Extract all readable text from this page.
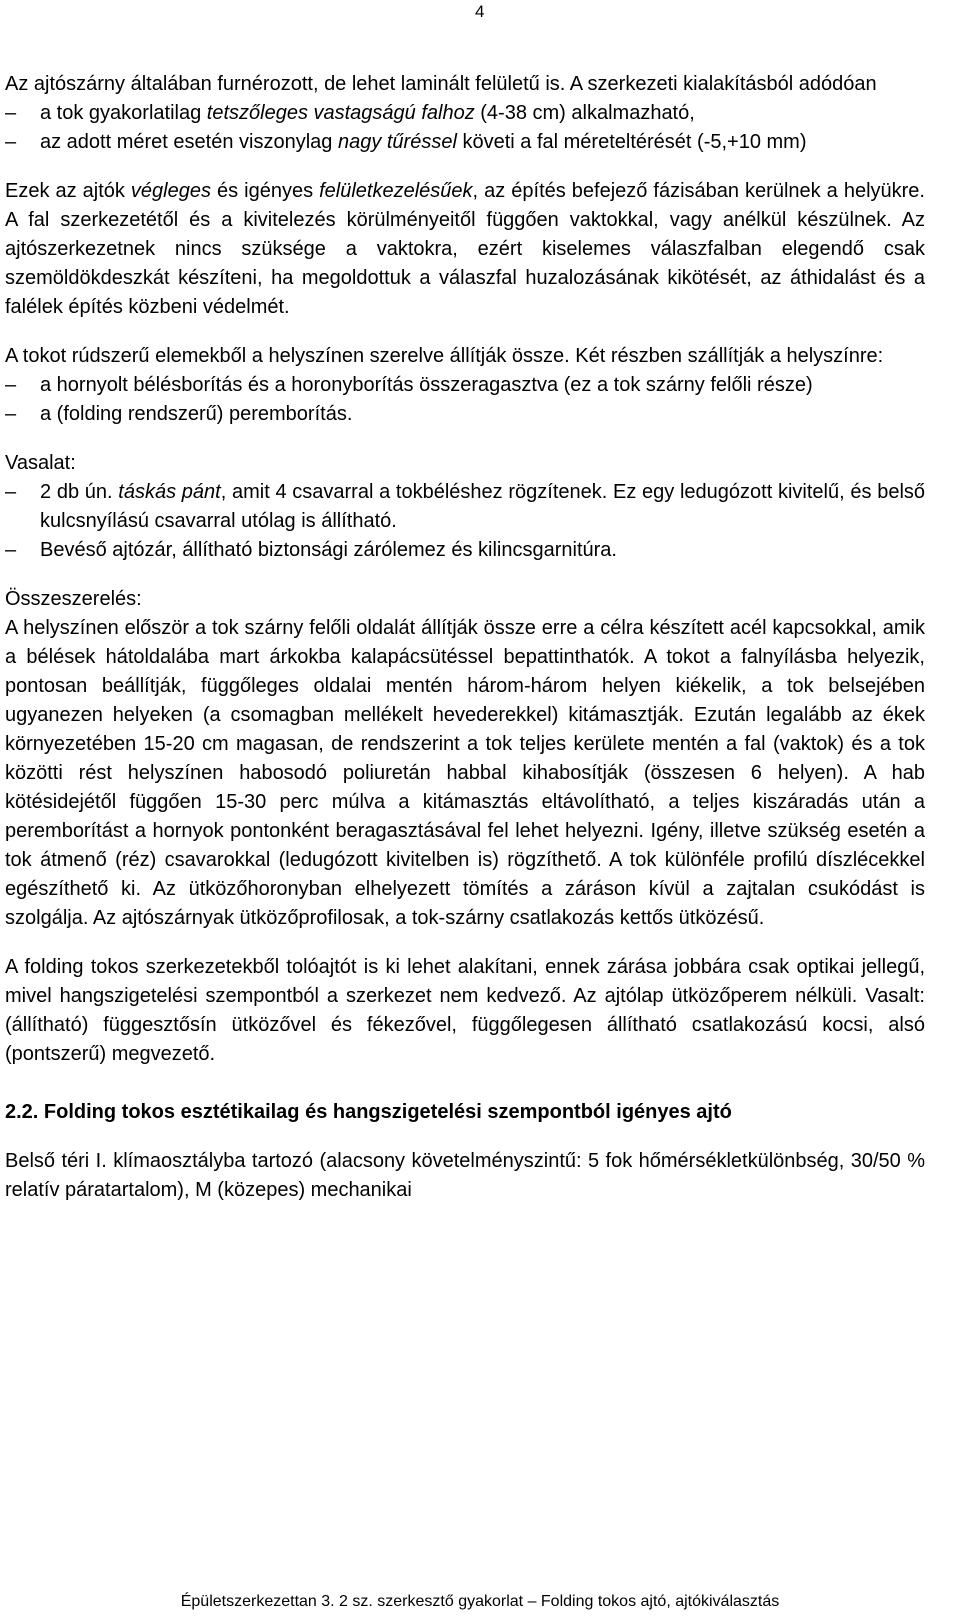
4

Az ajtószárny általában furnérozott, de lehet laminált felületű is. A szerkezeti kialakításból adódóan

–	a tok gyakorlatilag tetszőleges vastagságú falhoz (4-38 cm) alkalmazható,
–	az adott méret esetén viszonylag nagy tűréssel követi a fal méreteltérését (-5,+10 mm)

Ezek az ajtók végleges és igényes felületkezelésűek, az építés befejező fázisában kerülnek a helyükre. A fal szerkezetétől és a kivitelezés körülményeitől függően vaktokkal, vagy anélkül készülnek. Az ajtószerkezetnek nincs szüksége a vaktokra, ezért kiselemes válaszfalban elegendő csak szemöldökdeszkát készíteni, ha megoldottuk a válaszfal huzalozásának kikötését, az áthidalást és a falélek építés közbeni védelmét.

A tokot rúdszerű elemekből a helyszínen szerelve állítják össze. Két részben szállítják a helyszínre:

–	a hornyolt bélésborítás és a horonyborítás összeragasztva (ez a tok szárny felőli része)
–	a (folding rendszerű) peremborítás.

Vasalat:

–	2 db ún. táskás pánt, amit 4 csavarral a tokbéléshez rögzítenek. Ez egy ledugózott kivitelű, és belső kulcsnyílású csavarral utólag is állítható.
–	Bevéső ajtózár, állítható biztonsági zárólemez és kilincsgarnitúra.

Összeszerelés:

A helyszínen először a tok szárny felőli oldalát állítják össze erre a célra készített acél kapcsokkal, amik a bélések hátoldalába mart árkokba kalapácsütéssel bepattinthatók. A tokot a falnyílásba helyezik, pontosan beállítják, függőleges oldalai mentén három-három helyen kiékelik, a tok belsejében ugyanezen helyeken (a csomagban mellékelt hevederekkel) kitámasztják. Ezután legalább az ékek környezetében 15-20 cm magasan, de rendszerint a tok teljes kerülete mentén a fal (vaktok) és a tok közötti rést helyszínen habosodó poliuretán habbal kihabosítják (összesen 6 helyen). A hab kötésidejétől függően 15-30 perc múlva a kitámasztás eltávolítható, a teljes kiszáradás után a peremborítást a hornyok pontonként beragasztásával fel lehet helyezni. Igény, illetve szükség esetén a tok átmenő (réz) csavarokkal (ledugózott kivitelben is) rögzíthető. A tok különféle profilú díszlécekkel egészíthető ki. Az ütközőhoronyban elhelyezett tömítés a záráson kívül a zajtalan csukódást is szolgálja. Az ajtószárnyak ütközőprofilosak, a tok-szárny csatlakozás kettős ütközésű.

A folding tokos szerkezetekből tolóajtót is ki lehet alakítani, ennek zárása jobbára csak optikai jellegű, mivel hangszigetelési szempontból a szerkezet nem kedvező. Az ajtólap ütközőperem nélküli. Vasalt: (állítható) függesztősín ütközővel és fékezővel, függőlegesen állítható csatlakozású kocsi, alsó (pontszerű) megvezető.

2.2. Folding tokos esztétikailag és hangszigetelési szempontból igényes ajtó

Belső téri I. klímaosztályba tartozó (alacsony követelményszintű: 5 fok hőmérsékletkülönbség, 30/50 % relatív páratartalom), M (közepes) mechanikai

Épületszerkezettan 3. 2 sz. szerkesztő gyakorlat – Folding tokos ajtó, ajtókiválasztás
